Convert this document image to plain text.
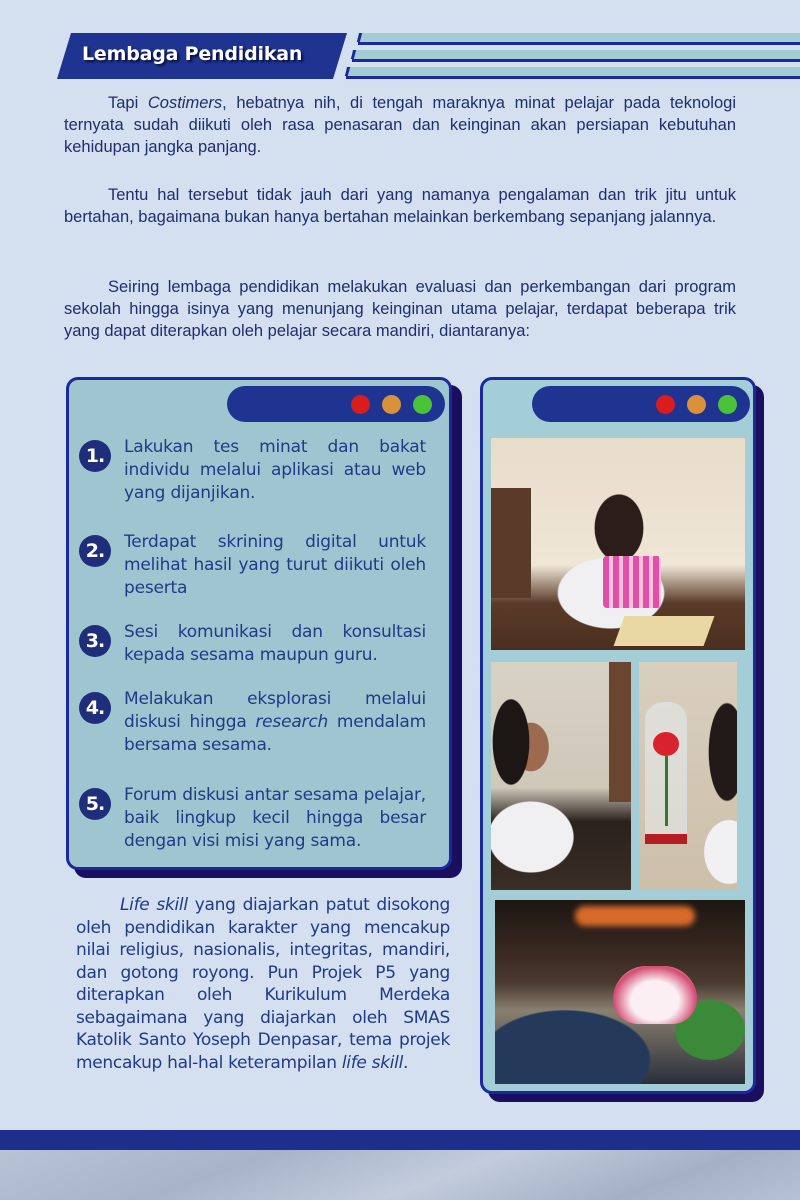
Lembaga Pendidikan

Tapi Costimers, hebatnya nih, di tengah maraknya minat pelajar pada teknologi ternyata sudah diikuti oleh rasa penasaran dan keinginan akan persiapan kebutuhan kehidupan jangka panjang.

Tentu hal tersebut tidak jauh dari yang namanya pengalaman dan trik jitu untuk bertahan, bagaimana bukan hanya bertahan melainkan berkembang sepanjang jalannya.

Seiring lembaga pendidikan melakukan evaluasi dan perkembangan dari program sekolah hingga isinya yang menunjang keinginan utama pelajar, terdapat beberapa trik yang dapat diterapkan oleh pelajar secara mandiri, diantaranya:

1.	Lakukan tes minat dan bakat individu melalui aplikasi atau web yang dijanjikan.
2.	Terdapat skrining digital untuk melihat hasil yang turut diikuti oleh peserta
3.	Sesi komunikasi dan konsultasi kepada sesama maupun guru.
4.	Melakukan eksplorasi melalui diskusi hingga research mendalam bersama sesama.
5.	Forum diskusi antar sesama pelajar, baik lingkup kecil hingga besar dengan visi misi yang sama.

Life skill yang diajarkan patut disokong oleh pendidikan karakter yang mencakup nilai religius, nasionalis, integritas, mandiri, dan gotong royong. Pun Projek P5 yang diterapkan oleh Kurikulum Merdeka sebagaimana yang diajarkan oleh SMAS Katolik Santo Yoseph Denpasar, tema projek mencakup hal-hal keterampilan life skill.
